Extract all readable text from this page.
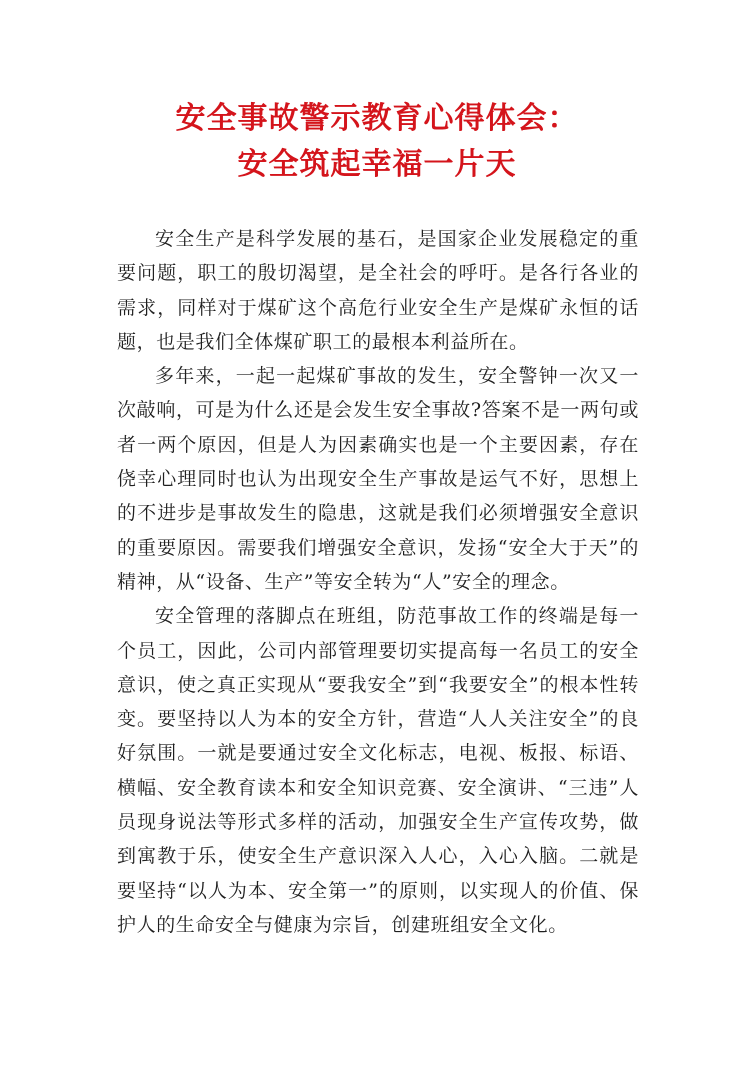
安全事故警示教育心得体会：
安全筑起幸福一片天

安全生产是科学发展的基石，是国家企业发展稳定的重要问题，职工的殷切渴望，是全社会的呼吁。是各行各业的需求，同样对于煤矿这个高危行业安全生产是煤矿永恒的话题，也是我们全体煤矿职工的最根本利益所在。

多年来，一起一起煤矿事故的发生，安全警钟一次又一次敲响，可是为什么还是会发生安全事故?答案不是一两句或者一两个原因，但是人为因素确实也是一个主要因素，存在侥幸心理同时也认为出现安全生产事故是运气不好，思想上的不进步是事故发生的隐患，这就是我们必须增强安全意识的重要原因。需要我们增强安全意识，发扬“安全大于天”的精神，从“设备、生产”等安全转为“人”安全的理念。

安全管理的落脚点在班组，防范事故工作的终端是每一个员工，因此，公司内部管理要切实提高每一名员工的安全意识，使之真正实现从“要我安全”到“我要安全”的根本性转变。要坚持以人为本的安全方针，营造“人人关注安全”的良好氛围。一就是要通过安全文化标志，电视、板报、标语、横幅、安全教育读本和安全知识竞赛、安全演讲、“三违”人员现身说法等形式多样的活动，加强安全生产宣传攻势，做到寓教于乐，使安全生产意识深入人心，入心入脑。二就是要坚持“以人为本、安全第一”的原则，以实现人的价值、保护人的生命安全与健康为宗旨，创建班组安全文化。
